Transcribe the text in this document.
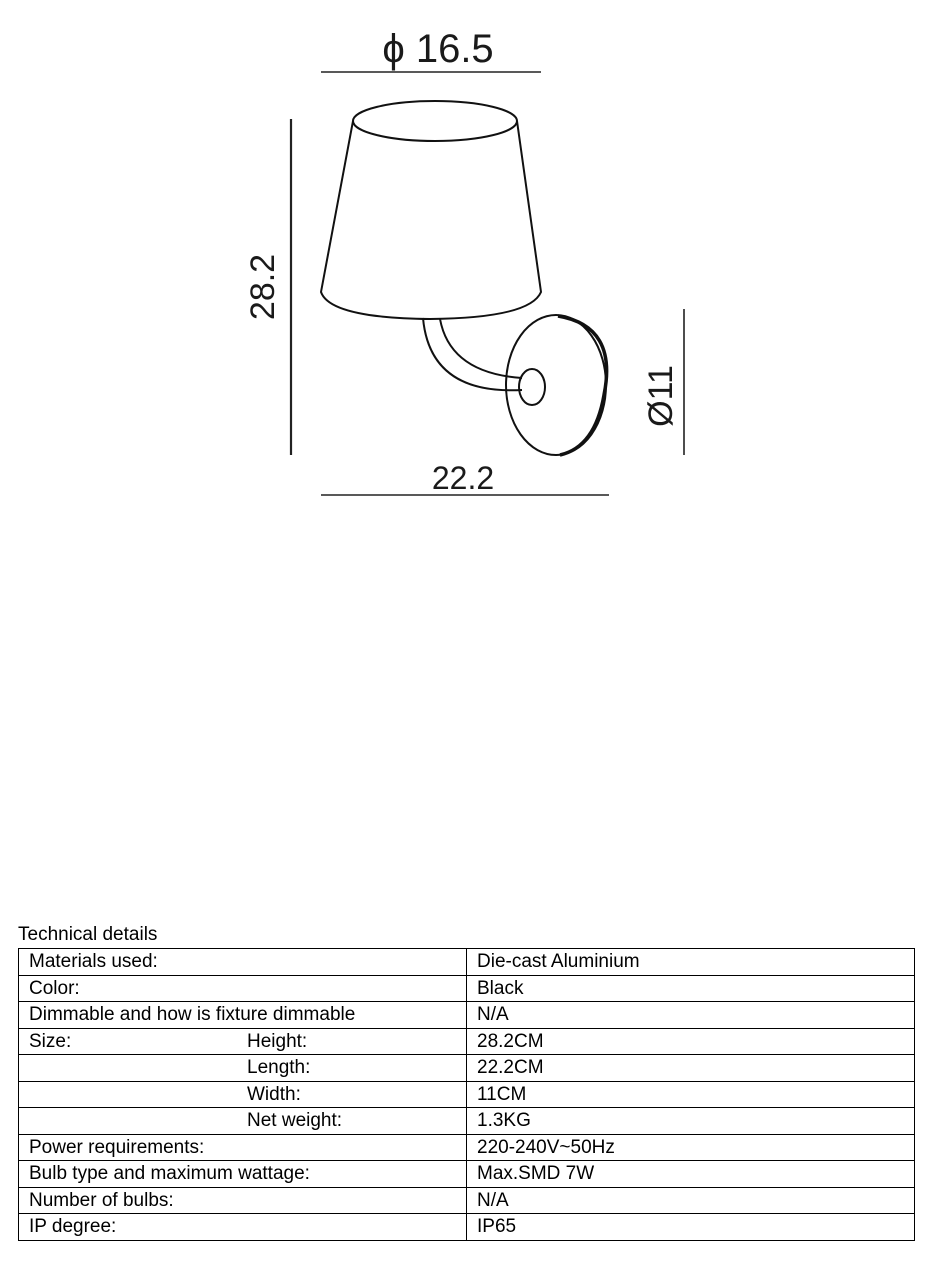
ϕ 16.5
28.2
Ø11
22.2
Technical details
Materials used:	Die-cast Aluminium

Color:	Black

Dimmable and how is fixture dimmable	N/A

Size: Height:	28.2CM

Length:	22.2CM

Width:	11CM

Net weight:	1.3KG

Power requirements:	220-240V~50Hz

Bulb type and maximum wattage:	Max.SMD 7W

Number of bulbs:	N/A

IP degree:	IP65
